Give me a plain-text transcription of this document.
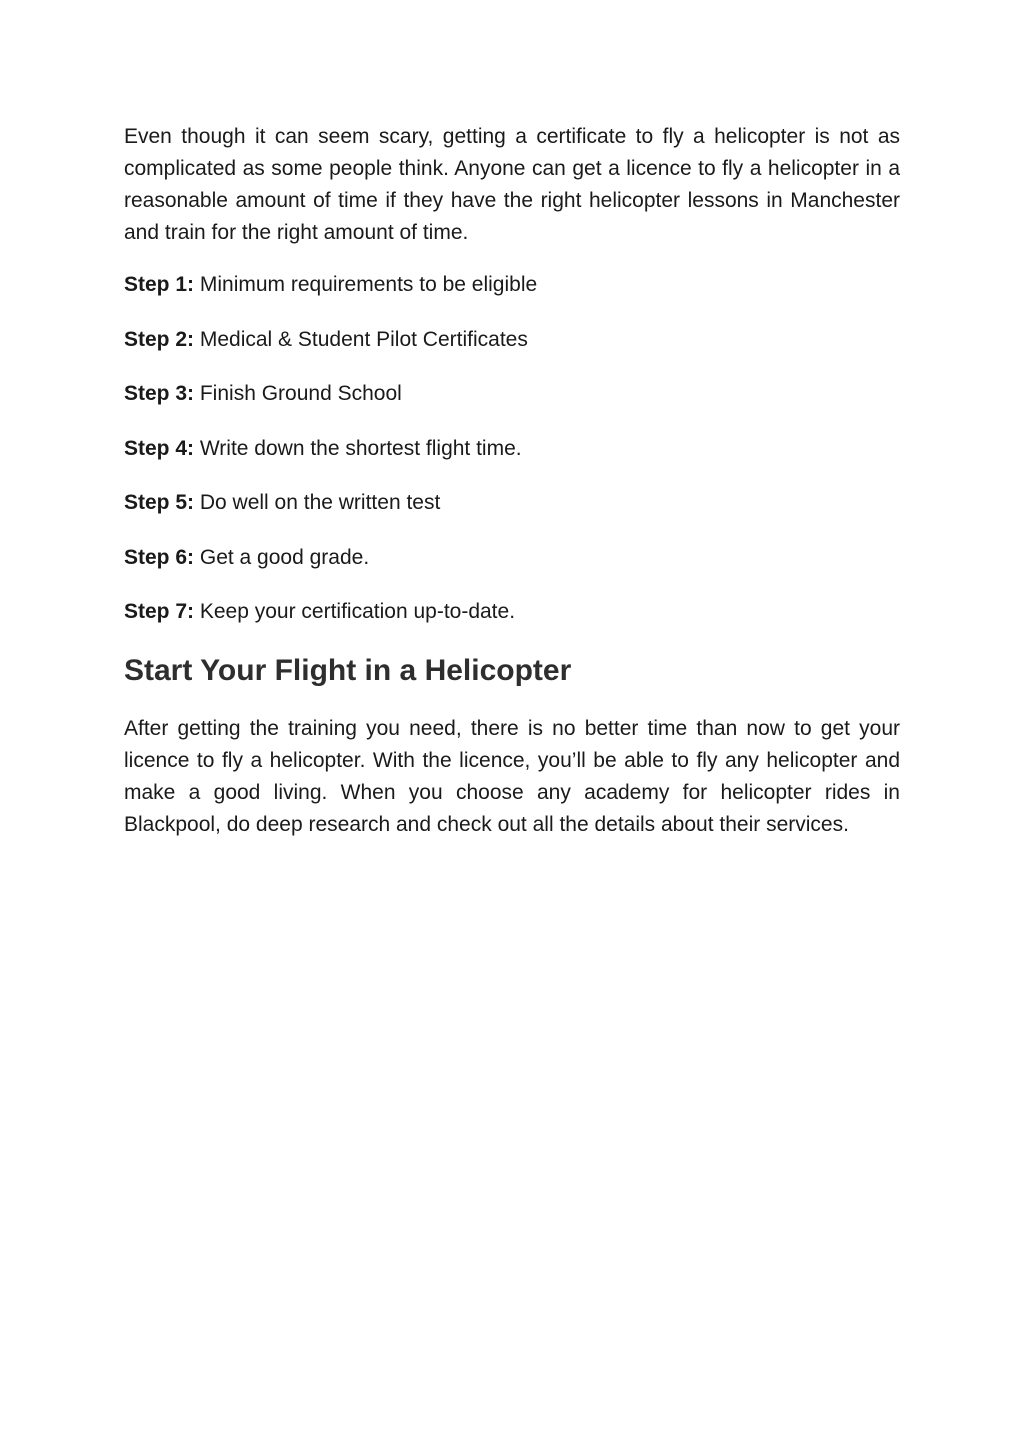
Even though it can seem scary, getting a certificate to fly a helicopter is not as complicated as some people think. Anyone can get a licence to fly a helicopter in a reasonable amount of time if they have the right helicopter lessons in Manchester and train for the right amount of time.

Step 1: Minimum requirements to be eligible
Step 2: Medical & Student Pilot Certificates
Step 3: Finish Ground School
Step 4: Write down the shortest flight time.
Step 5: Do well on the written test
Step 6: Get a good grade.
Step 7: Keep your certification up-to-date.
Start Your Flight in a Helicopter

After getting the training you need, there is no better time than now to get your licence to fly a helicopter. With the licence, you’ll be able to fly any helicopter and make a good living. When you choose any academy for helicopter rides in Blackpool, do deep research and check out all the details about their services.
